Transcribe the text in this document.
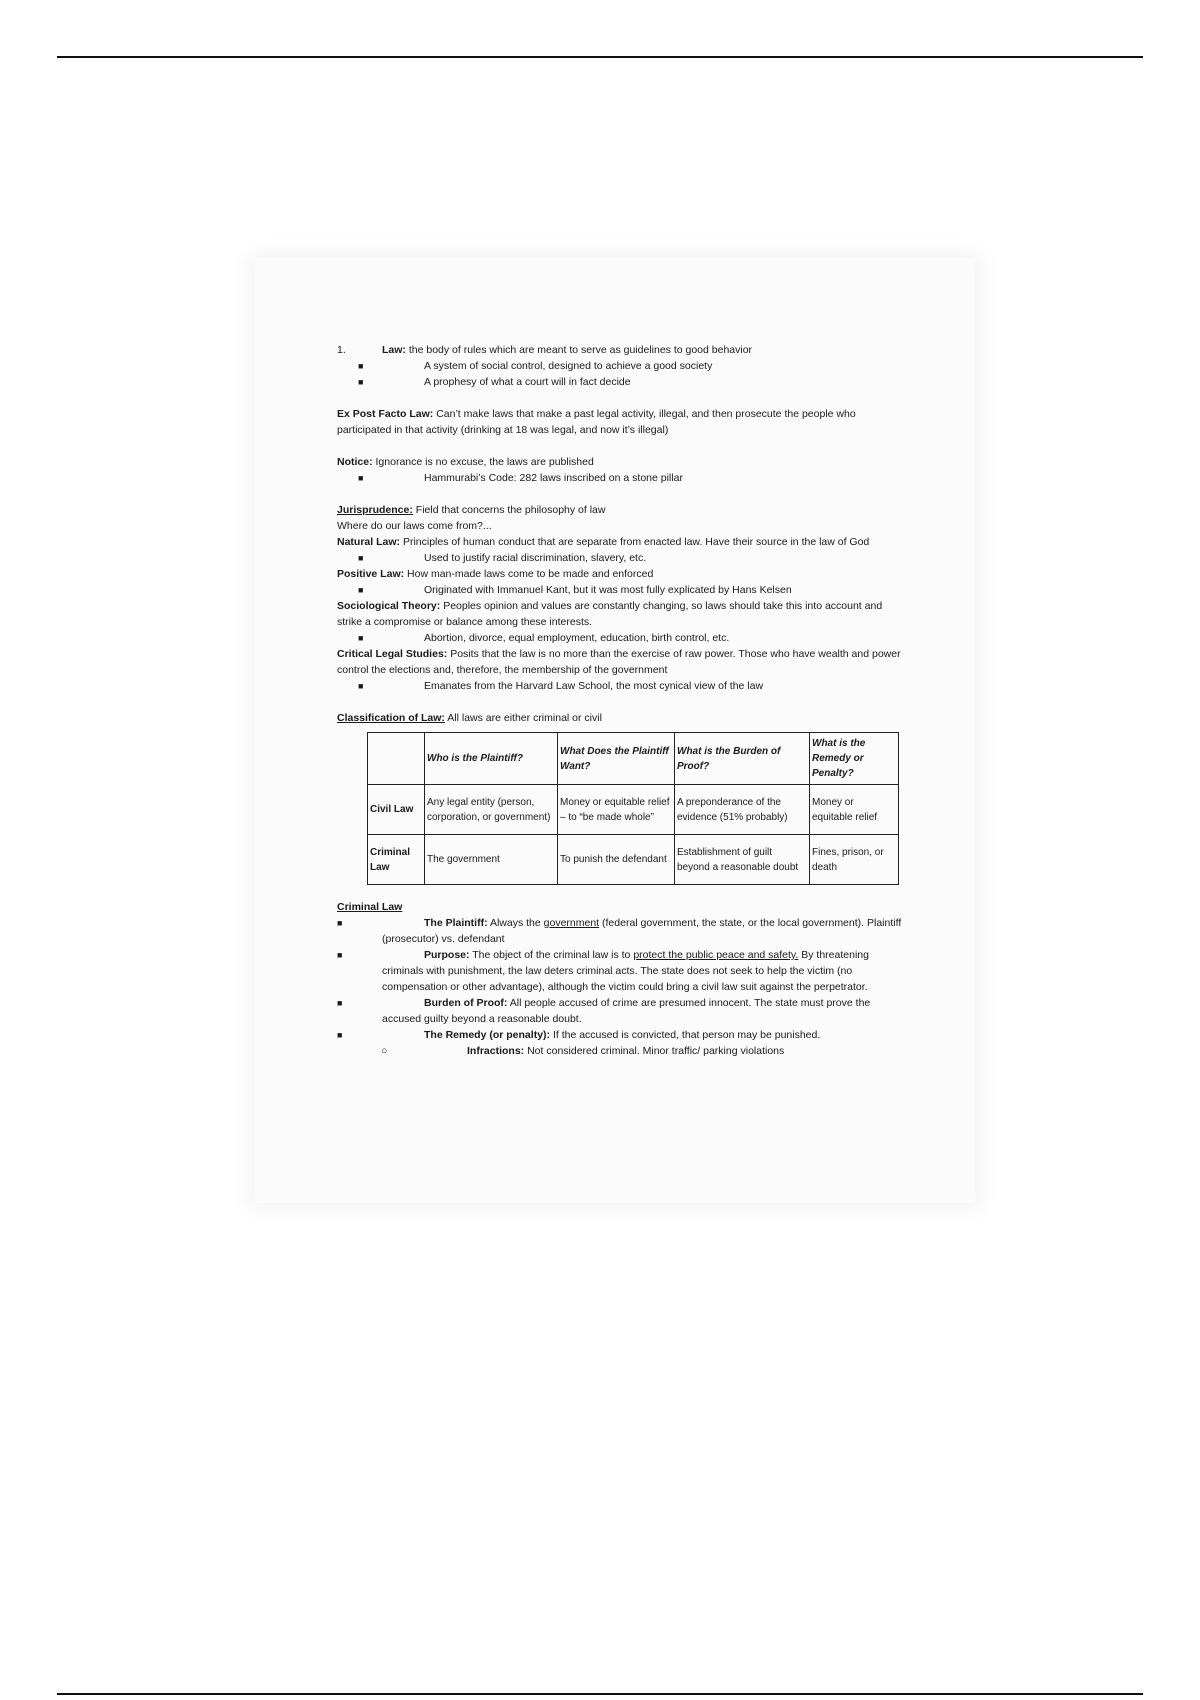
1.	Law: the body of rules which are meant to serve as guidelines to good behavior
■	A system of social control, designed to achieve a good society
■	A prophesy of what a court will in fact decide
Ex Post Facto Law: Can’t make laws that make a past legal activity, illegal, and then prosecute the people who participated in that activity (drinking at 18 was legal, and now it’s illegal)
Notice: Ignorance is no excuse, the laws are published
■	Hammurabi’s Code: 282 laws inscribed on a stone pillar
Jurisprudence: Field that concerns the philosophy of law
Where do our laws come from?...
Natural Law: Principles of human conduct that are separate from enacted law. Have their source in the law of God
■	Used to justify racial discrimination, slavery, etc.
Positive Law: How man-made laws come to be made and enforced
■	Originated with Immanuel Kant, but it was most fully explicated by Hans Kelsen
Sociological Theory: Peoples opinion and values are constantly changing, so laws should take this into account and strike a compromise or balance among these interests.
■	Abortion, divorce, equal employment, education, birth control, etc.
Critical Legal Studies: Posits that the law is no more than the exercise of raw power. Those who have wealth and power control the elections and, therefore, the membership of the government
■	Emanates from the Harvard Law School, the most cynical view of the law
Classification of Law: All laws are either criminal or civil
	Who is the Plaintiff?	What Does the Plaintiff Want?	What is the Burden of Proof?	What is the Remedy or Penalty?
Civil Law	Any legal entity (person, corporation, or government)	Money or equitable relief – to “be made whole”	A preponderance of the evidence (51% probably)	Money or equitable relief
Criminal Law	The government	To punish the defendant	Establishment of guilt beyond a reasonable doubt	Fines, prison, or death
Criminal Law
■	The Plaintiff: Always the government (federal government, the state, or the local government). Plaintiff (prosecutor) vs. defendant
■	Purpose: The object of the criminal law is to protect the public peace and safety. By threatening criminals with punishment, the law deters criminal acts. The state does not seek to help the victim (no compensation or other advantage), although the victim could bring a civil law suit against the perpetrator.
■	Burden of Proof: All people accused of crime are presumed innocent. The state must prove the accused guilty beyond a reasonable doubt.
■	The Remedy (or penalty): If the accused is convicted, that person may be punished.
○	Infractions: Not considered criminal. Minor traffic/ parking violations
